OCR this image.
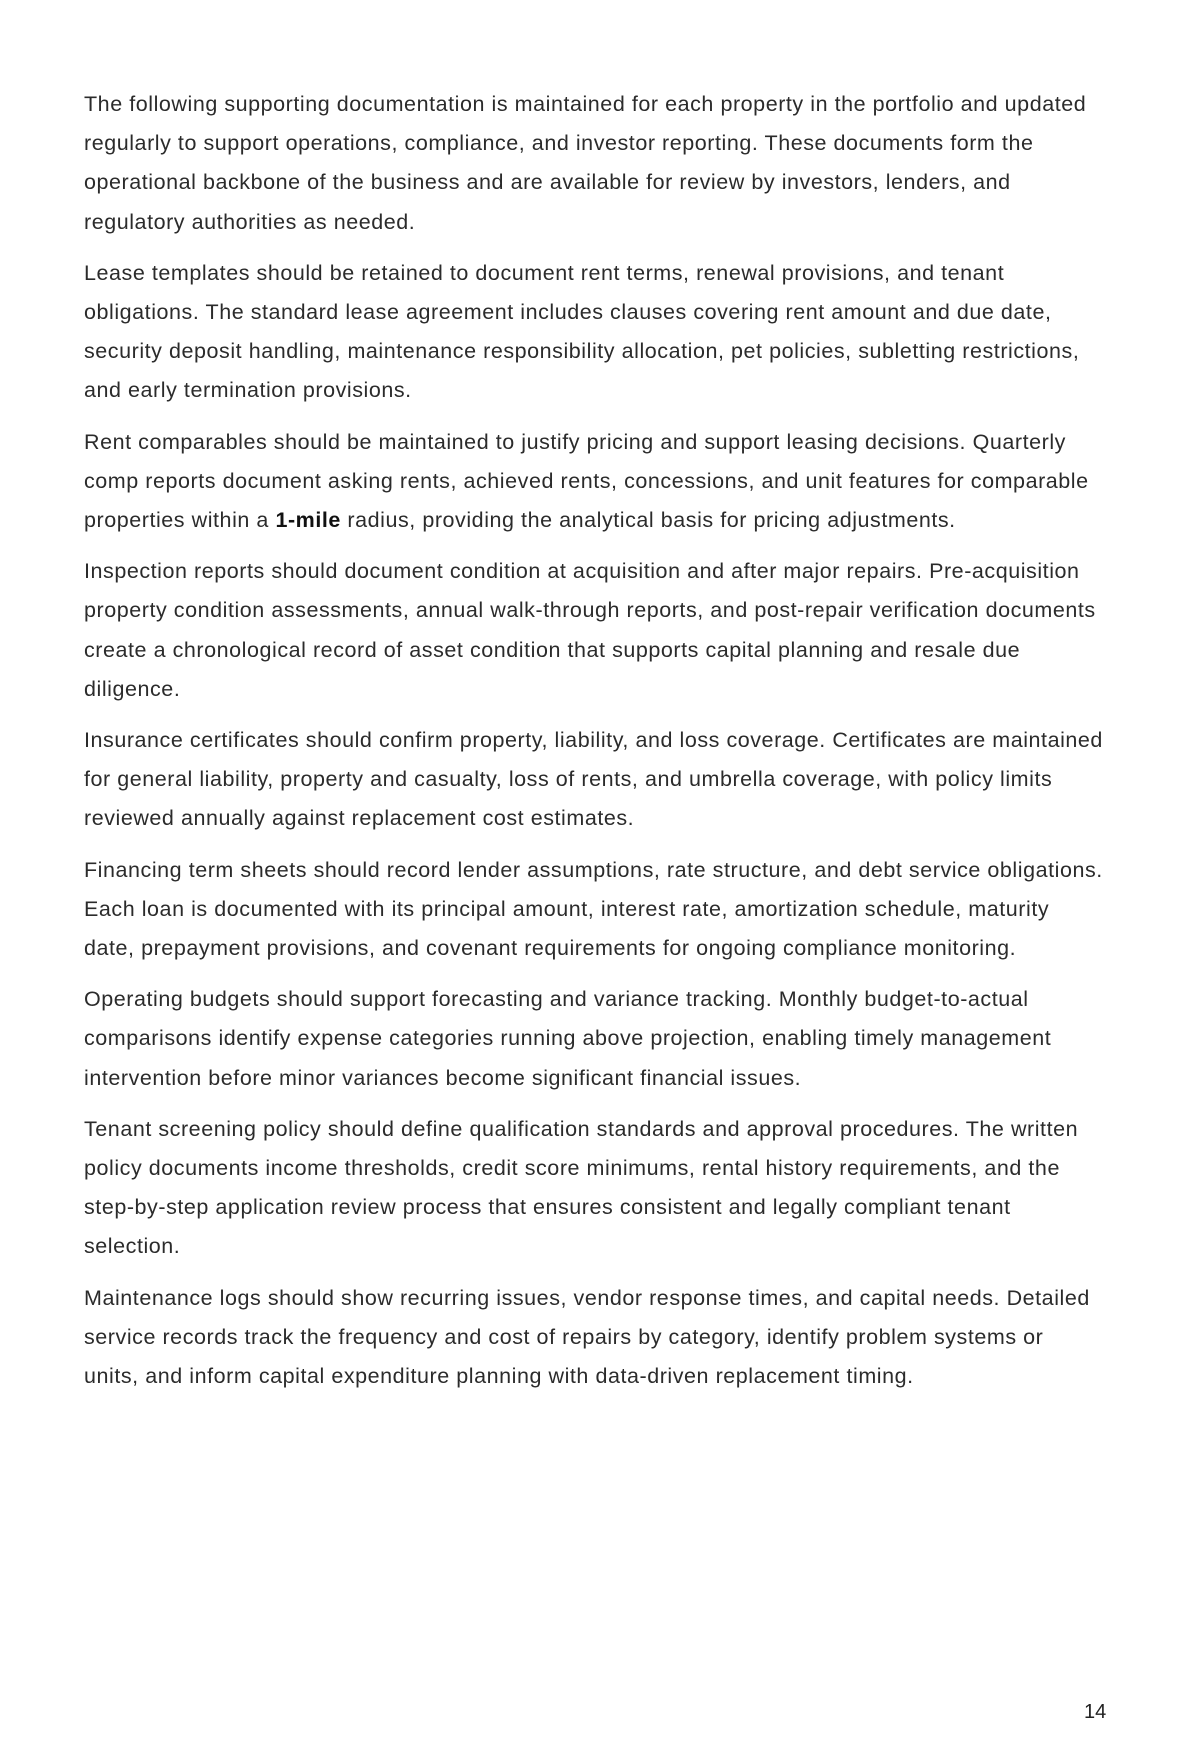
The following supporting documentation is maintained for each property in the portfolio and updated regularly to support operations, compliance, and investor reporting. These documents form the operational backbone of the business and are available for review by investors, lenders, and regulatory authorities as needed.

Lease templates should be retained to document rent terms, renewal provisions, and tenant obligations. The standard lease agreement includes clauses covering rent amount and due date, security deposit handling, maintenance responsibility allocation, pet policies, subletting restrictions, and early termination provisions.

Rent comparables should be maintained to justify pricing and support leasing decisions. Quarterly comp reports document asking rents, achieved rents, concessions, and unit features for comparable properties within a 1-mile radius, providing the analytical basis for pricing adjustments.

Inspection reports should document condition at acquisition and after major repairs. Pre-acquisition property condition assessments, annual walk-through reports, and post-repair verification documents create a chronological record of asset condition that supports capital planning and resale due diligence.

Insurance certificates should confirm property, liability, and loss coverage. Certificates are maintained for general liability, property and casualty, loss of rents, and umbrella coverage, with policy limits reviewed annually against replacement cost estimates.

Financing term sheets should record lender assumptions, rate structure, and debt service obligations. Each loan is documented with its principal amount, interest rate, amortization schedule, maturity date, prepayment provisions, and covenant requirements for ongoing compliance monitoring.

Operating budgets should support forecasting and variance tracking. Monthly budget-to-actual comparisons identify expense categories running above projection, enabling timely management intervention before minor variances become significant financial issues.

Tenant screening policy should define qualification standards and approval procedures. The written policy documents income thresholds, credit score minimums, rental history requirements, and the step-by-step application review process that ensures consistent and legally compliant tenant selection.

Maintenance logs should show recurring issues, vendor response times, and capital needs. Detailed service records track the frequency and cost of repairs by category, identify problem systems or units, and inform capital expenditure planning with data-driven replacement timing.

14
